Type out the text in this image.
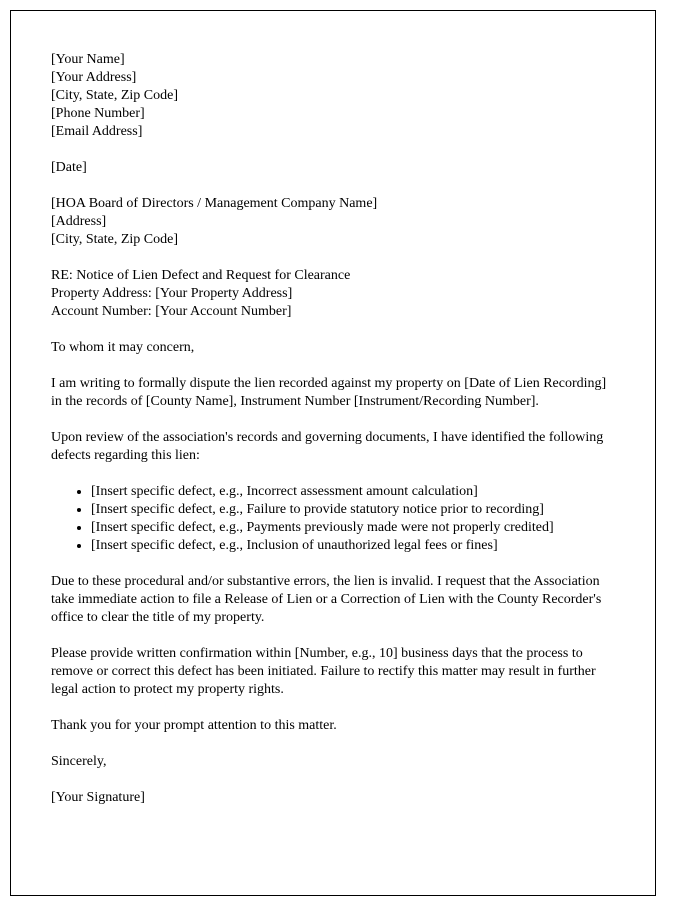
[Your Name]
[Your Address]
[City, State, Zip Code]
[Phone Number]
[Email Address]
[Date]
[HOA Board of Directors / Management Company Name]
[Address]
[City, State, Zip Code]
RE: Notice of Lien Defect and Request for Clearance
Property Address: [Your Property Address]
Account Number: [Your Account Number]
To whom it may concern,

I am writing to formally dispute the lien recorded against my property on [Date of Lien Recording] in the records of [County Name], Instrument Number [Instrument/Recording Number].

Upon review of the association's records and governing documents, I have identified the following defects regarding this lien:

• [Insert specific defect, e.g., Incorrect assessment amount calculation]
• [Insert specific defect, e.g., Failure to provide statutory notice prior to recording]
• [Insert specific defect, e.g., Payments previously made were not properly credited]
• [Insert specific defect, e.g., Inclusion of unauthorized legal fees or fines]

Due to these procedural and/or substantive errors, the lien is invalid. I request that the Association take immediate action to file a Release of Lien or a Correction of Lien with the County Recorder's office to clear the title of my property.

Please provide written confirmation within [Number, e.g., 10] business days that the process to remove or correct this defect has been initiated. Failure to rectify this matter may result in further legal action to protect my property rights.

Thank you for your prompt attention to this matter.

Sincerely,
[Your Signature]
